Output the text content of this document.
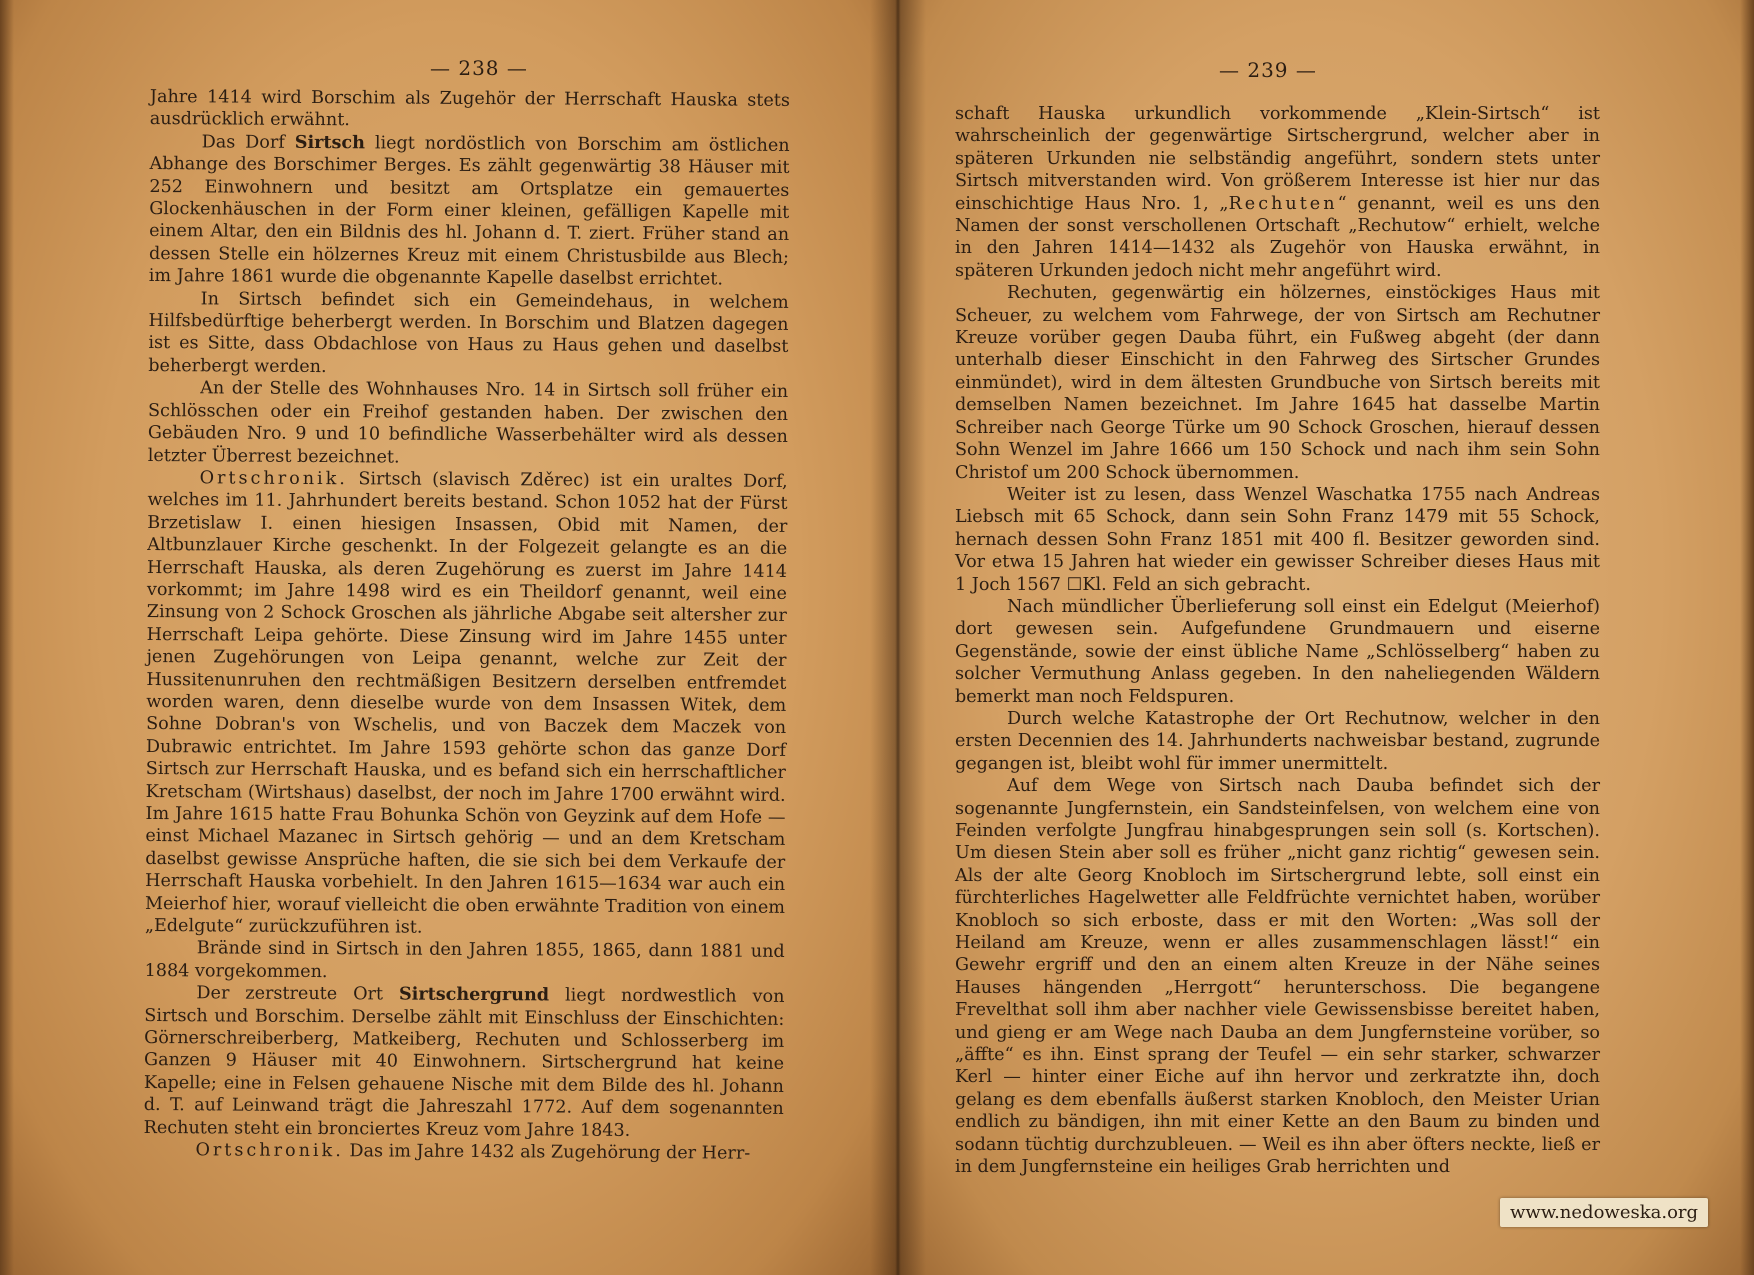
— 238 —

Jahre 1414 wird Borschim als Zugehör der Herrschaft Hauska stets ausdrücklich erwähnt.

Das Dorf Sirtsch liegt nordöstlich von Borschim am östlichen Abhange des Borschimer Berges. Es zählt gegenwärtig 38 Häuser mit 252 Einwohnern und besitzt am Ortsplatze ein gemauertes Glockenhäuschen in der Form einer kleinen, gefälligen Kapelle mit einem Altar, den ein Bildnis des hl. Johann d. T. ziert. Früher stand an dessen Stelle ein hölzernes Kreuz mit einem Christusbilde aus Blech; im Jahre 1861 wurde die obgenannte Kapelle daselbst errichtet.

In Sirtsch befindet sich ein Gemeindehaus, in welchem Hilfsbedürftige beherbergt werden. In Borschim und Blatzen dagegen ist es Sitte, dass Obdachlose von Haus zu Haus gehen und daselbst beherbergt werden.

An der Stelle des Wohnhauses Nro. 14 in Sirtsch soll früher ein Schlösschen oder ein Freihof gestanden haben. Der zwischen den Gebäuden Nro. 9 und 10 befindliche Wasserbehälter wird als dessen letzter Überrest bezeichnet.

Ortschronik. Sirtsch (slavisch Zděrec) ist ein uraltes Dorf, welches im 11. Jahrhundert bereits bestand. Schon 1052 hat der Fürst Brzetislaw I. einen hiesigen Insassen, Obid mit Namen, der Altbunzlauer Kirche geschenkt. In der Folgezeit gelangte es an die Herrschaft Hauska, als deren Zugehörung es zuerst im Jahre 1414 vorkommt; im Jahre 1498 wird es ein Theildorf genannt, weil eine Zinsung von 2 Schock Groschen als jährliche Abgabe seit altersher zur Herrschaft Leipa gehörte. Diese Zinsung wird im Jahre 1455 unter jenen Zugehörungen von Leipa genannt, welche zur Zeit der Hussitenunruhen den rechtmäßigen Besitzern derselben entfremdet worden waren, denn dieselbe wurde von dem Insassen Witek, dem Sohne Dobran's von Wschelis, und von Baczek dem Maczek von Dubrawic entrichtet. Im Jahre 1593 gehörte schon das ganze Dorf Sirtsch zur Herrschaft Hauska, und es befand sich ein herrschaftlicher Kretscham (Wirtshaus) daselbst, der noch im Jahre 1700 erwähnt wird. Im Jahre 1615 hatte Frau Bohunka Schön von Geyzink auf dem Hofe — einst Michael Mazanec in Sirtsch gehörig — und an dem Kretscham daselbst gewisse Ansprüche haften, die sie sich bei dem Verkaufe der Herrschaft Hauska vorbehielt. In den Jahren 1615—1634 war auch ein Meierhof hier, worauf vielleicht die oben erwähnte Tradition von einem „Edelgute“ zurückzuführen ist.

Brände sind in Sirtsch in den Jahren 1855, 1865, dann 1881 und 1884 vorgekommen.

Der zerstreute Ort Sirtschergrund liegt nordwestlich von Sirtsch und Borschim. Derselbe zählt mit Einschluss der Einschichten: Görnerschreiberberg, Matkeiberg, Rechuten und Schlosserberg im Ganzen 9 Häuser mit 40 Einwohnern. Sirtschergrund hat keine Kapelle; eine in Felsen gehauene Nische mit dem Bilde des hl. Johann d. T. auf Leinwand trägt die Jahreszahl 1772. Auf dem sogenannten Rechuten steht ein bronciertes Kreuz vom Jahre 1843.

Ortschronik. Das im Jahre 1432 als Zugehörung der Herr-

— 239 —

schaft Hauska urkundlich vorkommende „Klein-Sirtsch“ ist wahrscheinlich der gegenwärtige Sirtschergrund, welcher aber in späteren Urkunden nie selbständig angeführt, sondern stets unter Sirtsch mitverstanden wird. Von größerem Interesse ist hier nur das einschichtige Haus Nro. 1, „Rechuten“ genannt, weil es uns den Namen der sonst verschollenen Ortschaft „Rechutow“ erhielt, welche in den Jahren 1414—1432 als Zugehör von Hauska erwähnt, in späteren Urkunden jedoch nicht mehr angeführt wird.

Rechuten, gegenwärtig ein hölzernes, einstöckiges Haus mit Scheuer, zu welchem vom Fahrwege, der von Sirtsch am Rechutner Kreuze vorüber gegen Dauba führt, ein Fußweg abgeht (der dann unterhalb dieser Einschicht in den Fahrweg des Sirtscher Grundes einmündet), wird in dem ältesten Grundbuche von Sirtsch bereits mit demselben Namen bezeichnet. Im Jahre 1645 hat dasselbe Martin Schreiber nach George Türke um 90 Schock Groschen, hierauf dessen Sohn Wenzel im Jahre 1666 um 150 Schock und nach ihm sein Sohn Christof um 200 Schock übernommen.

Weiter ist zu lesen, dass Wenzel Waschatka 1755 nach Andreas Liebsch mit 65 Schock, dann sein Sohn Franz 1479 mit 55 Schock, hernach dessen Sohn Franz 1851 mit 400 fl. Besitzer geworden sind. Vor etwa 15 Jahren hat wieder ein gewisser Schreiber dieses Haus mit 1 Joch 1567 ☐Kl. Feld an sich gebracht.

Nach mündlicher Überlieferung soll einst ein Edelgut (Meierhof) dort gewesen sein. Aufgefundene Grundmauern und eiserne Gegenstände, sowie der einst übliche Name „Schlösselberg“ haben zu solcher Vermuthung Anlass gegeben. In den naheliegenden Wäldern bemerkt man noch Feldspuren.

Durch welche Katastrophe der Ort Rechutnow, welcher in den ersten Decennien des 14. Jahrhunderts nachweisbar bestand, zugrunde gegangen ist, bleibt wohl für immer unermittelt.

Auf dem Wege von Sirtsch nach Dauba befindet sich der sogenannte Jungfernstein, ein Sandsteinfelsen, von welchem eine von Feinden verfolgte Jungfrau hinabgesprungen sein soll (s. Kortschen). Um diesen Stein aber soll es früher „nicht ganz richtig“ gewesen sein. Als der alte Georg Knobloch im Sirtschergrund lebte, soll einst ein fürchterliches Hagelwetter alle Feldfrüchte vernichtet haben, worüber Knobloch so sich erboste, dass er mit den Worten: „Was soll der Heiland am Kreuze, wenn er alles zusammenschlagen lässt!“ ein Gewehr ergriff und den an einem alten Kreuze in der Nähe seines Hauses hängenden „Herrgott“ herunterschoss. Die begangene Frevelthat soll ihm aber nachher viele Gewissensbisse bereitet haben, und gieng er am Wege nach Dauba an dem Jungfernsteine vorüber, so „äffte“ es ihn. Einst sprang der Teufel — ein sehr starker, schwarzer Kerl — hinter einer Eiche auf ihn hervor und zerkratzte ihn, doch gelang es dem ebenfalls äußerst starken Knobloch, den Meister Urian endlich zu bändigen, ihn mit einer Kette an den Baum zu binden und sodann tüchtig durchzubleuen. — Weil es ihn aber öfters neckte, ließ er in dem Jungfernsteine ein heiliges Grab herrichten und

www.nedoweska.org
